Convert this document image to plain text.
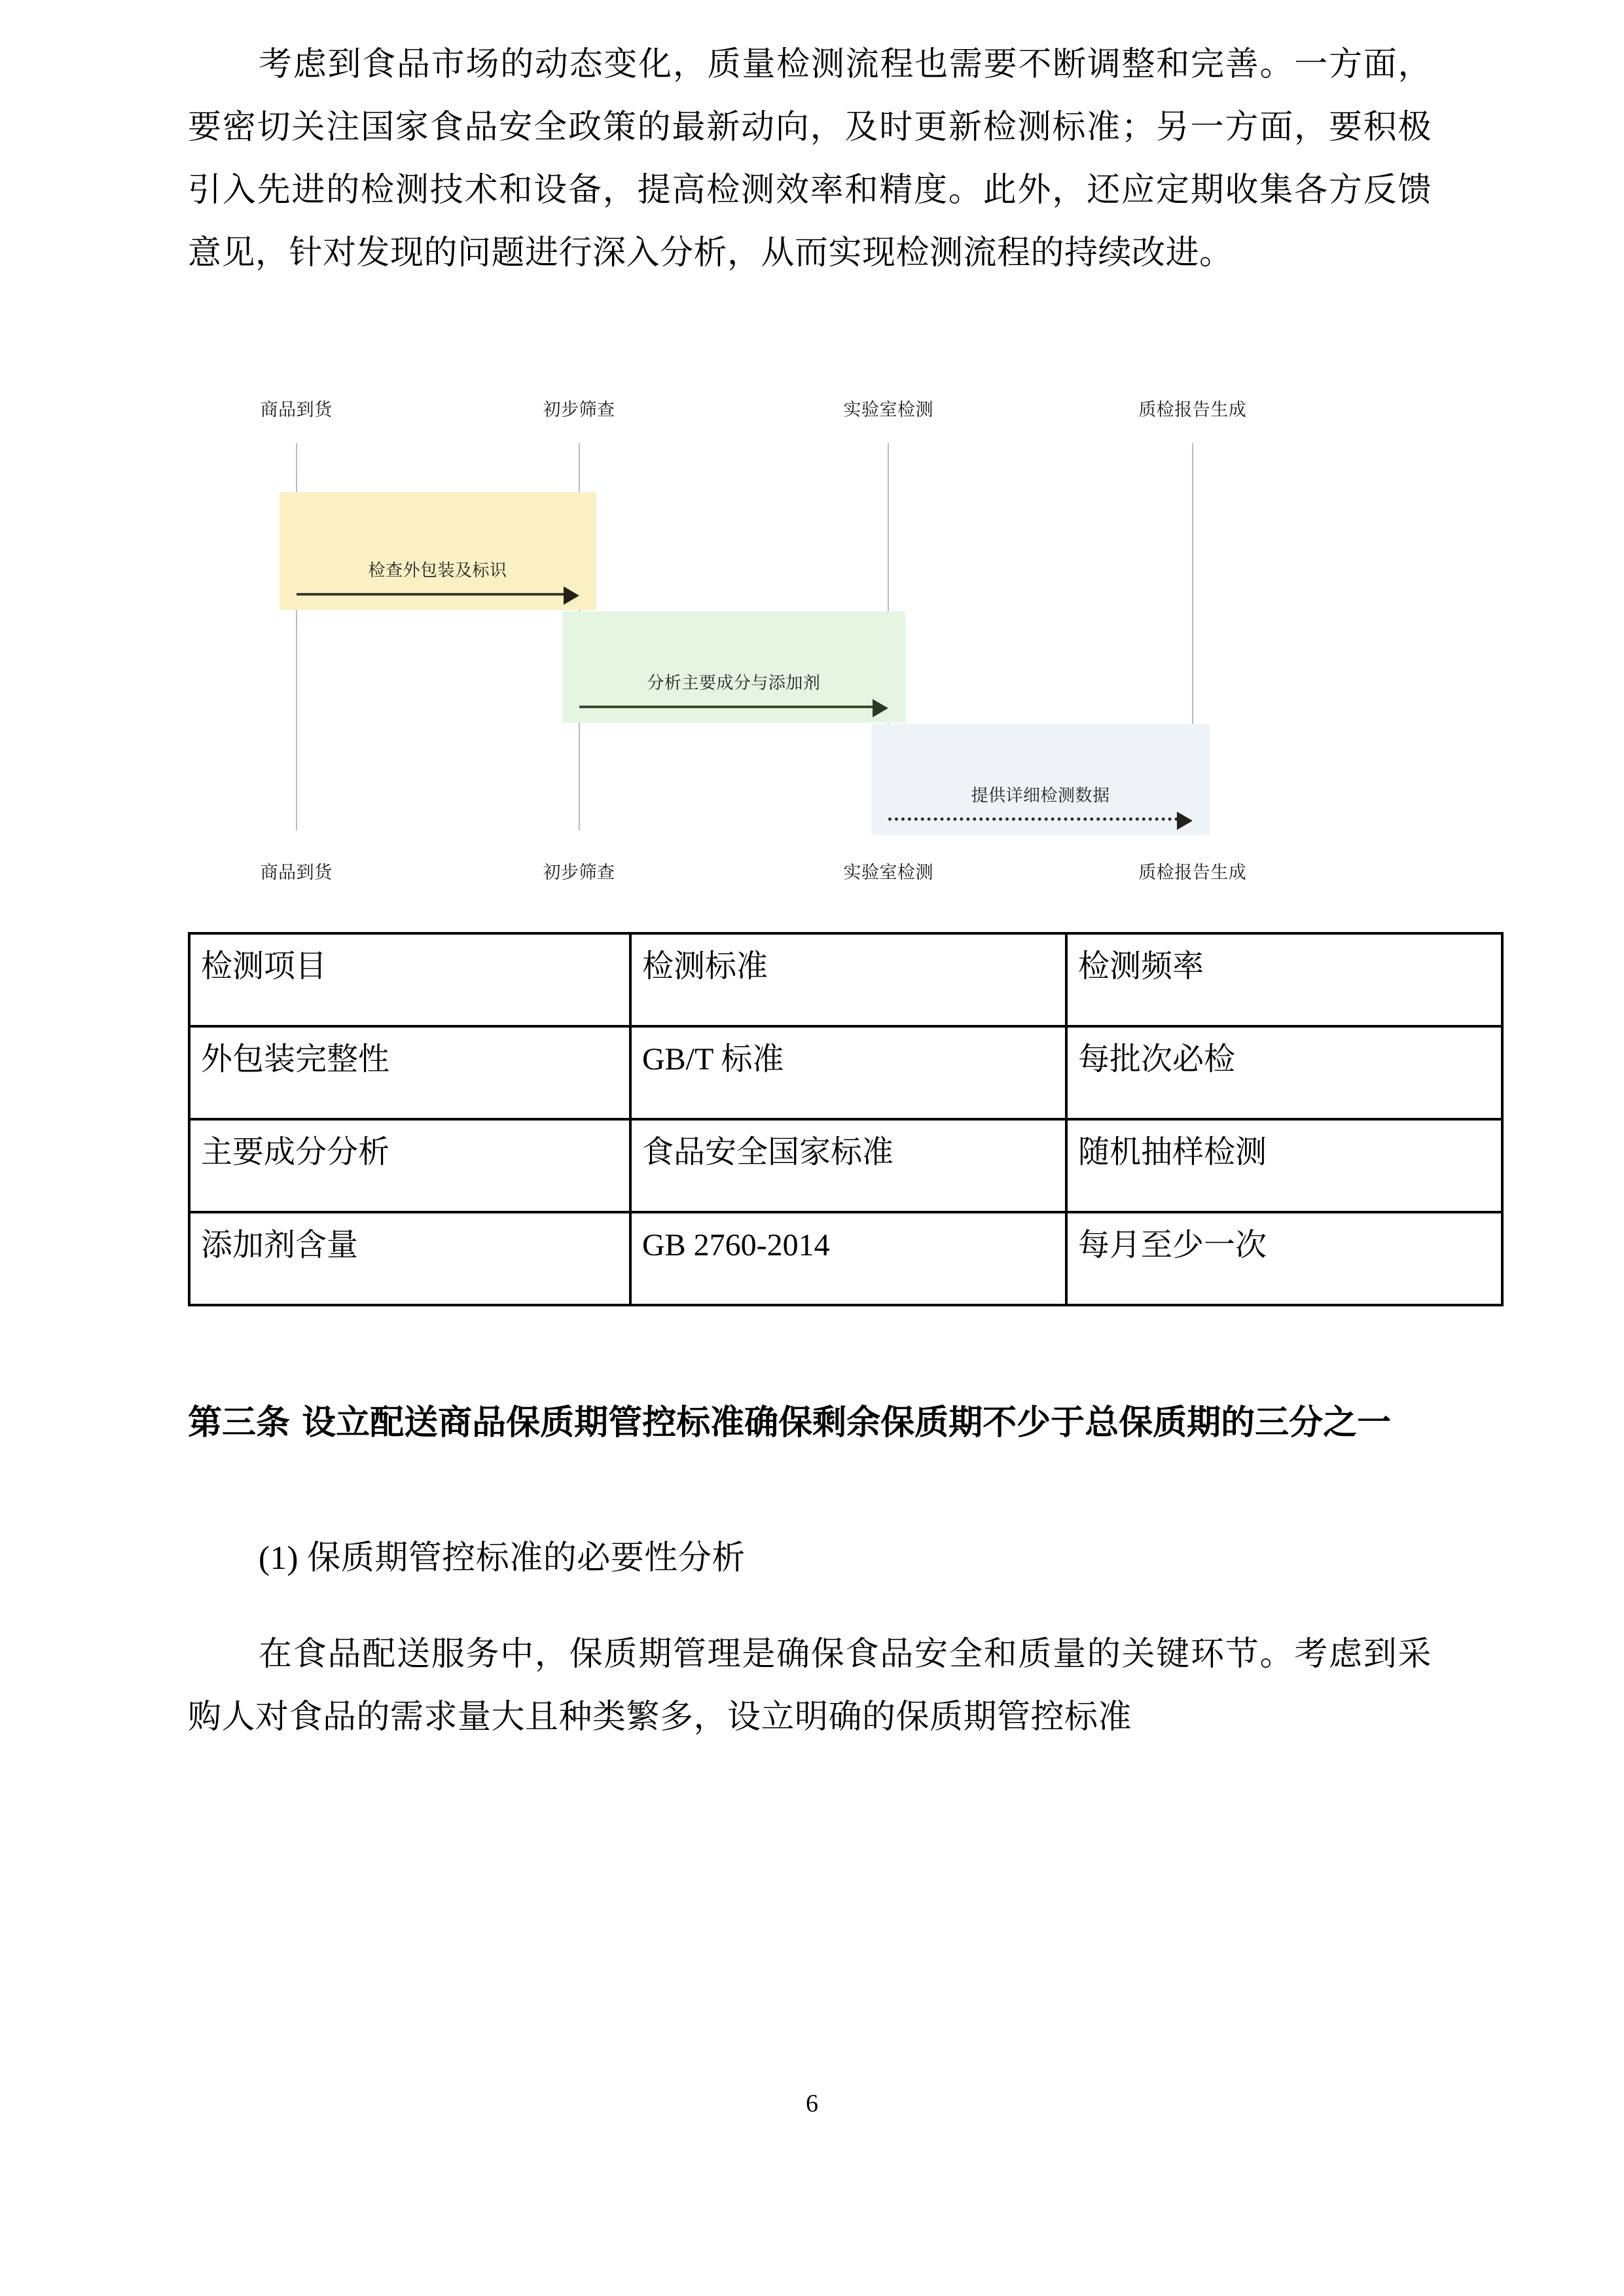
考虑到食品市场的动态变化，质量检测流程也需要不断调整和完善。一方面，要密切关注国家食品安全政策的最新动向，及时更新检测标准；另一方面，要积极引入先进的检测技术和设备，提高检测效率和精度。此外，还应定期收集各方反馈意见，针对发现的问题进行深入分析，从而实现检测流程的持续改进。

商品到货
商品到货
初步筛查
初步筛查
实验室检测
实验室检测
质检报告生成
质检报告生成
检查外包装及标识
分析主要成分与添加剂
提供详细检测数据
检测项目	检测标准	检测频率
外包装完整性	GB/T 标准	每批次必检
主要成分分析	食品安全国家标准	随机抽样检测
添加剂含量	GB 2760-2014	每月至少一次

第三条 设立配送商品保质期管控标准确保剩余保质期不少于总保质期的三分之一

(1) 保质期管控标准的必要性分析

在食品配送服务中，保质期管理是确保食品安全和质量的关键环节。考虑到采购人对食品的需求量大且种类繁多，设立明确的保质期管控标准

6
